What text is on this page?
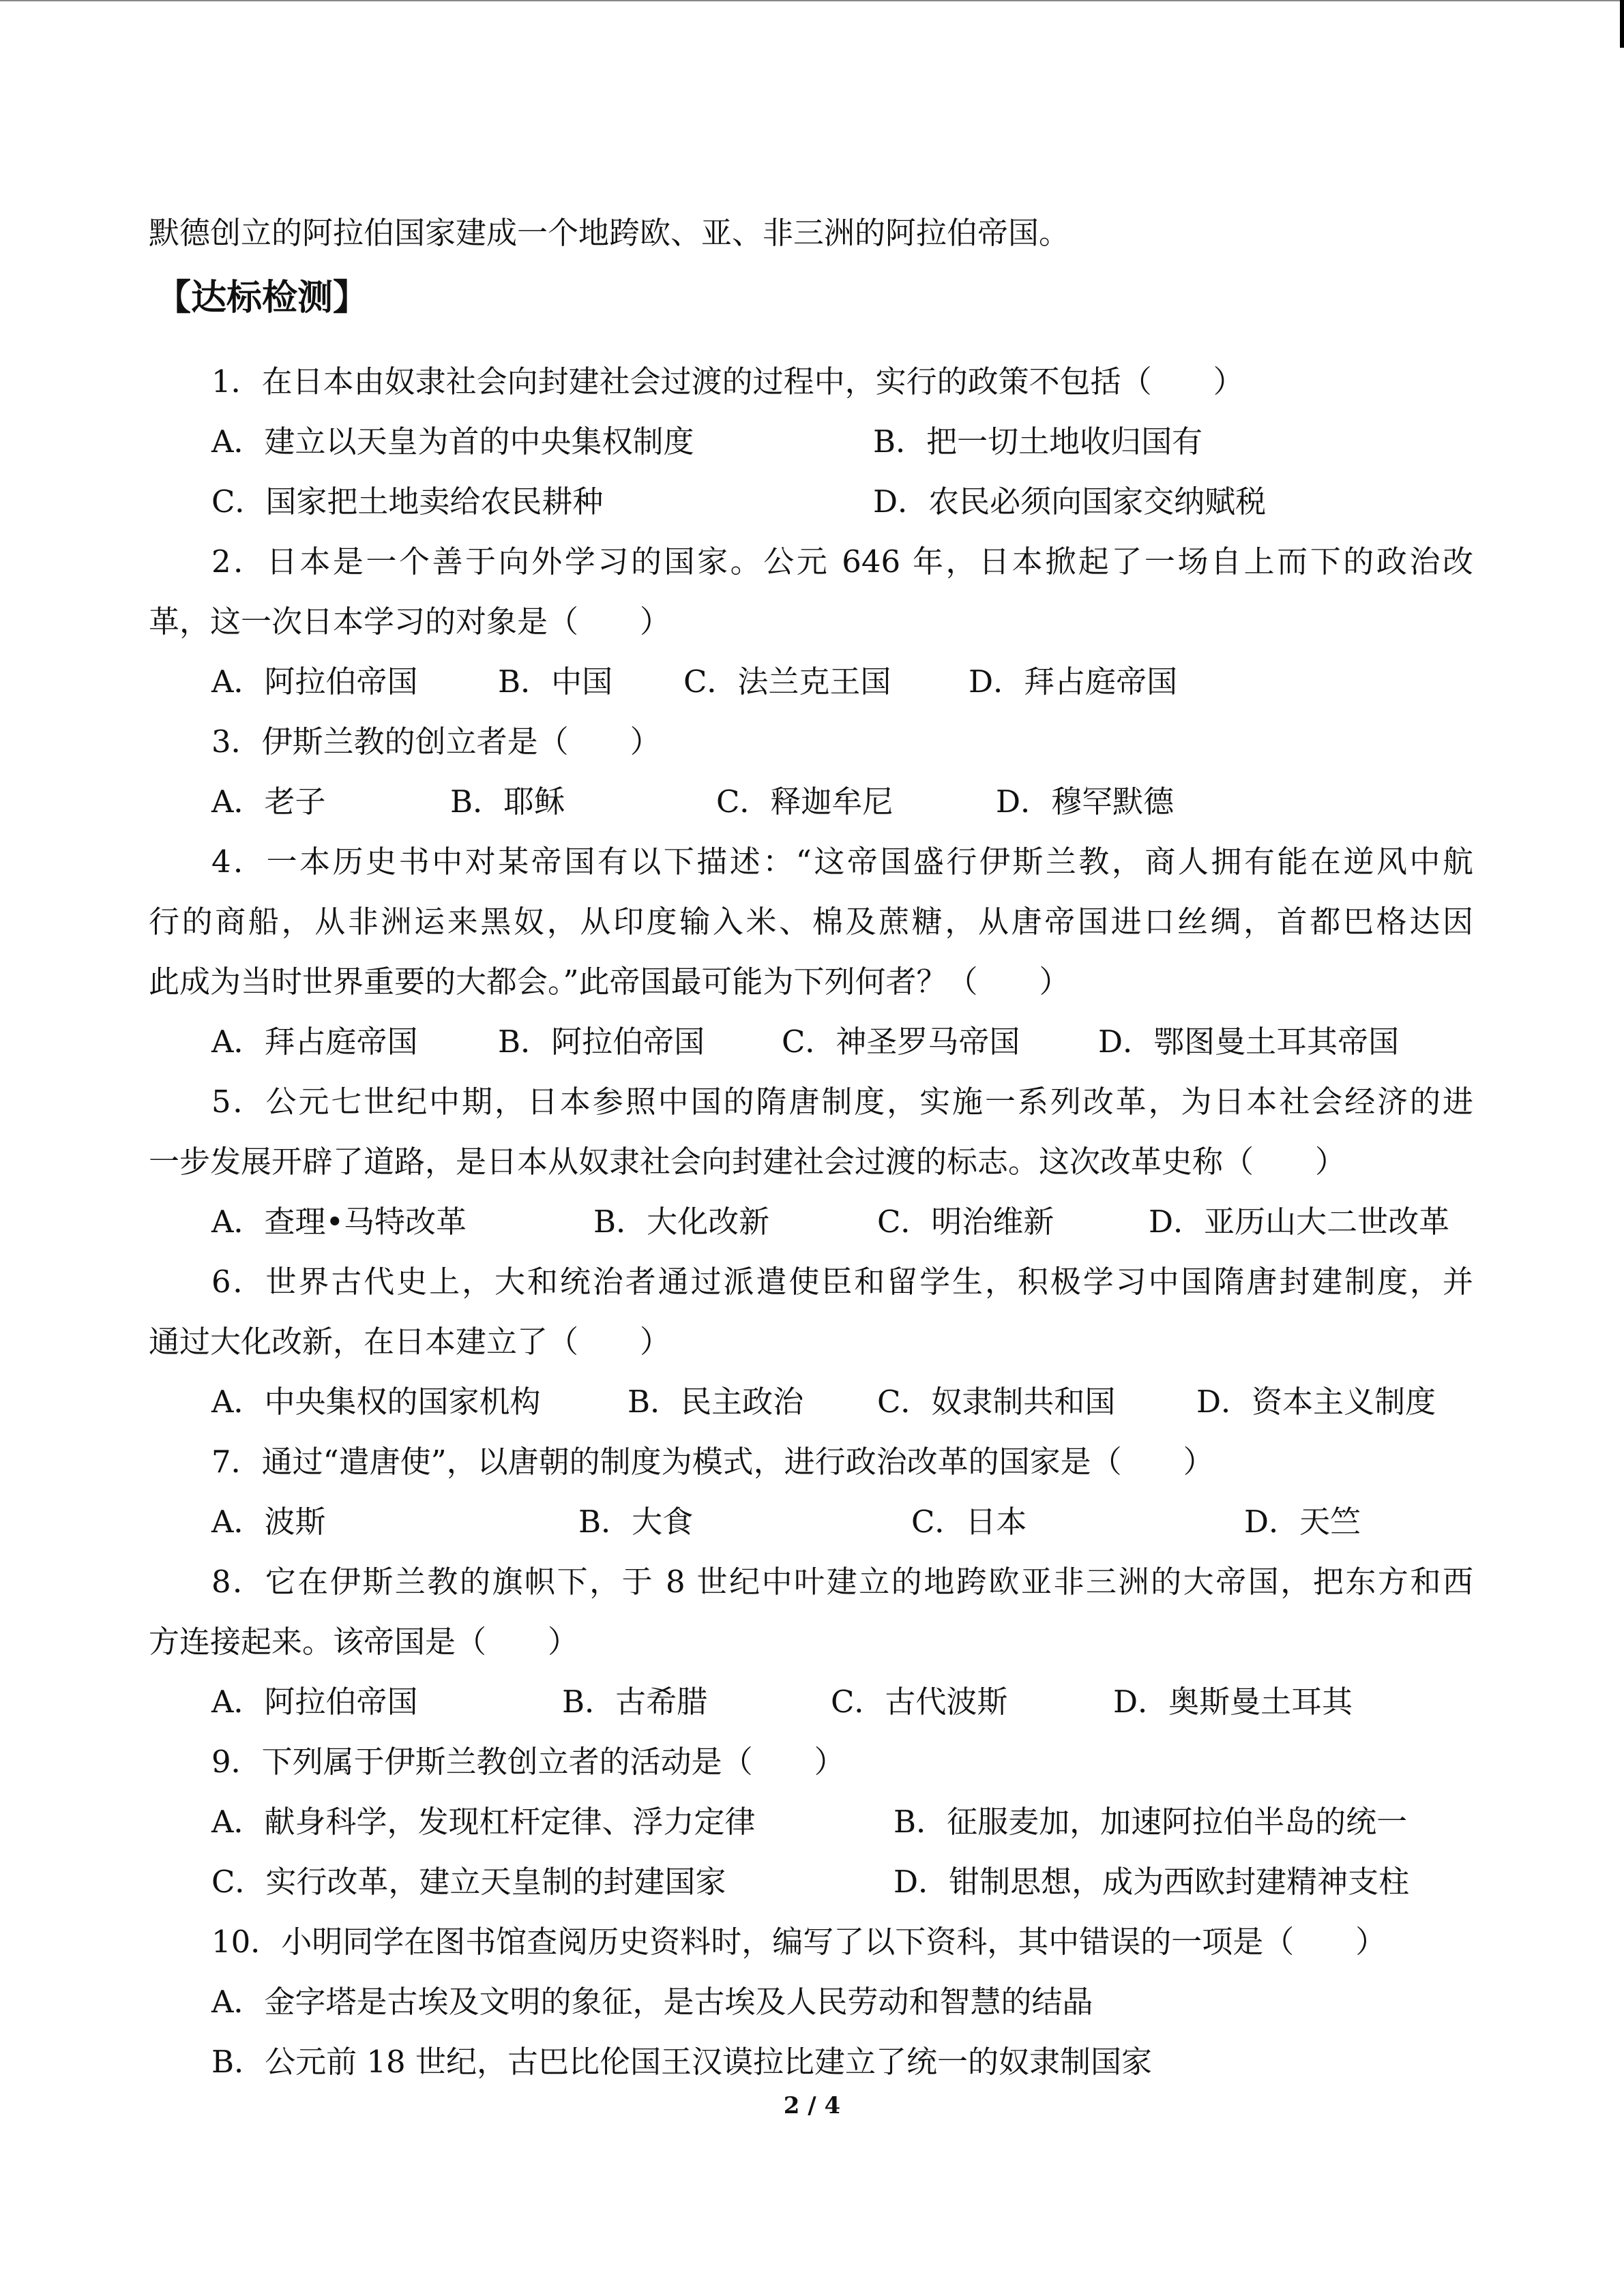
默德创立的阿拉伯国家建成一个地跨欧、亚、非三洲的阿拉伯帝国。
【达标检测】
1．在日本由奴隶社会向封建社会过渡的过程中，实行的政策不包括（　　）
A．建立以天皇为首的中央集权制度	B．把一切土地收归国有
C．国家把土地卖给农民耕种	D．农民必须向国家交纳赋税
2．日本是一个善于向外学习的国家。公元 646 年，日本掀起了一场自上而下的政治改
革，这一次日本学习的对象是（　　）
A．阿拉伯帝国	B．中国 C．法兰克王国	D．拜占庭帝国
3．伊斯兰教的创立者是（　　）
A．老子	B．耶稣	C．释迦牟尼	D．穆罕默德
4．一本历史书中对某帝国有以下描述：“这帝国盛行伊斯兰教，商人拥有能在逆风中航
行的商船，从非洲运来黑奴，从印度输入米、棉及蔗糖，从唐帝国进口丝绸，首都巴格达因
此成为当时世界重要的大都会。”此帝国最可能为下列何者？（　　）
A．拜占庭帝国	B．阿拉伯帝国	C．神圣罗马帝国	D．鄂图曼土耳其帝国
5．公元七世纪中期，日本参照中国的隋唐制度，实施一系列改革，为日本社会经济的进
一步发展开辟了道路，是日本从奴隶社会向封建社会过渡的标志。这次改革史称（　　）
A．查理•马特改革	B．大化改新	C．明治维新	D．亚历山大二世改革
6．世界古代史上，大和统治者通过派遣使臣和留学生，积极学习中国隋唐封建制度，并
通过大化改新，在日本建立了（　　）
A．中央集权的国家机构	B．民主政治 C．奴隶制共和国	D．资本主义制度
7．通过“遣唐使”，以唐朝的制度为模式，进行政治改革的国家是（　　）
A．波斯	B．大食	C．日本	D．天竺
8．它在伊斯兰教的旗帜下，于 8 世纪中叶建立的地跨欧亚非三洲的大帝国，把东方和西
方连接起来。该帝国是（　　）
A．阿拉伯帝国	B．古希腊	C．古代波斯	D．奥斯曼土耳其
9．下列属于伊斯兰教创立者的活动是（　　）
A．献身科学，发现杠杆定律、浮力定律	B．征服麦加，加速阿拉伯半岛的统一
C．实行改革，建立天皇制的封建国家	D．钳制思想，成为西欧封建精神支柱
10．小明同学在图书馆查阅历史资料时，编写了以下资科，其中错误的一项是（　　）
A．金字塔是古埃及文明的象征，是古埃及人民劳动和智慧的结晶
B．公元前 18 世纪，古巴比伦国王汉谟拉比建立了统一的奴隶制国家
2 / 4
